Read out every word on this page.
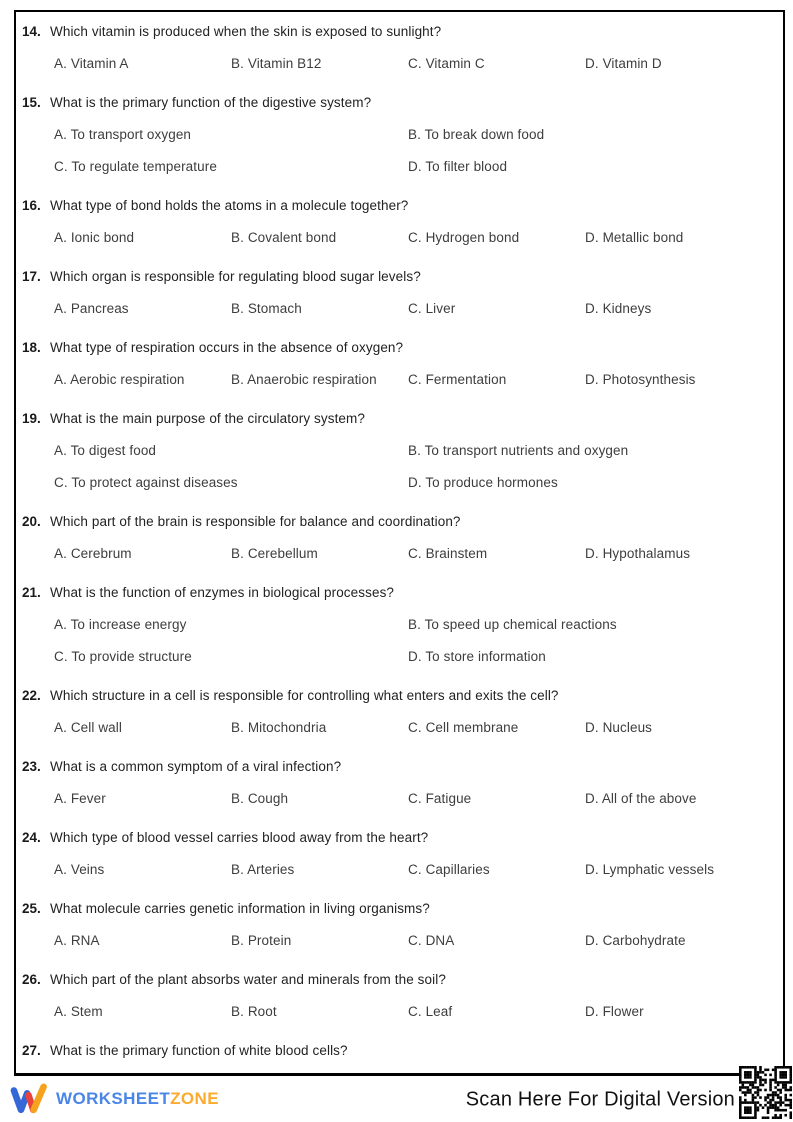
14. Which vitamin is produced when the skin is exposed to sunlight?
A. Vitamin A	B. Vitamin B12	C. Vitamin C	D. Vitamin D
15. What is the primary function of the digestive system?
A. To transport oxygen	B. To break down food
C. To regulate temperature	D. To filter blood
16. What type of bond holds the atoms in a molecule together?
A. Ionic bond	B. Covalent bond	C. Hydrogen bond	D. Metallic bond
17. Which organ is responsible for regulating blood sugar levels?
A. Pancreas	B. Stomach	C. Liver	D. Kidneys
18. What type of respiration occurs in the absence of oxygen?
A. Aerobic respiration	B. Anaerobic respiration	C. Fermentation	D. Photosynthesis
19. What is the main purpose of the circulatory system?
A. To digest food	B. To transport nutrients and oxygen
C. To protect against diseases	D. To produce hormones
20. Which part of the brain is responsible for balance and coordination?
A. Cerebrum	B. Cerebellum	C. Brainstem	D. Hypothalamus
21. What is the function of enzymes in biological processes?
A. To increase energy	B. To speed up chemical reactions
C. To provide structure	D. To store information
22. Which structure in a cell is responsible for controlling what enters and exits the cell?
A. Cell wall	B. Mitochondria	C. Cell membrane	D. Nucleus
23. What is a common symptom of a viral infection?
A. Fever	B. Cough	C. Fatigue	D. All of the above
24. Which type of blood vessel carries blood away from the heart?
A. Veins	B. Arteries	C. Capillaries	D. Lymphatic vessels
25. What molecule carries genetic information in living organisms?
A. RNA	B. Protein	C. DNA	D. Carbohydrate
26. Which part of the plant absorbs water and minerals from the soil?
A. Stem	B. Root	C. Leaf	D. Flower
27. What is the primary function of white blood cells?
WORKSHEETZONE	Scan Here For Digital Version
